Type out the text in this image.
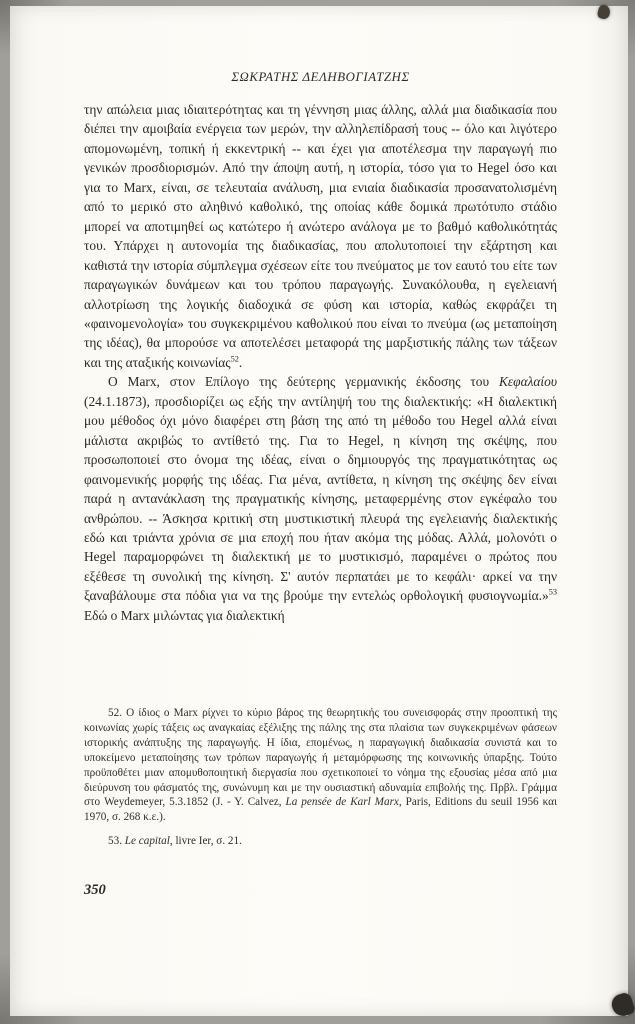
ΣΩΚΡΑΤΗΣ ΔΕΛΗΒΟΓΙΑΤΖΗΣ

την απώλεια μιας ιδιαιτερότητας και τη γέννηση μιας άλλης, αλλά μια διαδικασία που διέπει την αμοιβαία ενέργεια των μερών, την αλληλεπίδρασή τους -- όλο και λιγότερο απομονωμένη, τοπική ή εκκεντρική -- και έχει για αποτέλεσμα την παραγωγή πιο γενικών προσδιορισμών. Από την άποψη αυτή, η ιστορία, τόσο για το Hegel όσο και για το Marx, είναι, σε τελευταία ανάλυση, μια ενιαία διαδικασία προσανατολισμένη από το μερικό στο αληθινό καθολικό, της οποίας κάθε δομικά πρωτότυπο στάδιο μπορεί να αποτιμηθεί ως κατώτερο ή ανώτερο ανάλογα με το βαθμό καθολικότητάς του. Υπάρχει η αυτονομία της διαδικασίας, που απολυτοποιεί την εξάρτηση και καθιστά την ιστορία σύμπλεγμα σχέσεων είτε του πνεύματος με τον εαυτό του είτε των παραγωγικών δυνάμεων και του τρόπου παραγωγής. Συνακόλουθα, η εγελειανή αλλοτρίωση της λογικής διαδοχικά σε φύση και ιστορία, καθώς εκφράζει τη «φαινομενολογία» του συγκεκριμένου καθολικού που είναι το πνεύμα (ως μεταποίηση της ιδέας), θα μπορούσε να αποτελέσει μεταφορά της μαρξιστικής πάλης των τάξεων και της αταξικής κοινωνίας$^{52}$.

Ο Marx, στον Επίλογο της δεύτερης γερμανικής έκδοσης του Κεφαλαίου (24.1.1873), προσδιορίζει ως εξής την αντίληψή του της διαλεκτικής: «Η διαλεκτική μου μέθοδος όχι μόνο διαφέρει στη βάση της από τη μέθοδο του Hegel αλλά είναι μάλιστα ακριβώς το αντίθετό της. Για το Hegel, η κίνηση της σκέψης, που προσωποποιεί στο όνομα της ιδέας, είναι ο δημιουργός της πραγματικότητας ως φαινομενικής μορφής της ιδέας. Για μένα, αντίθετα, η κίνηση της σκέψης δεν είναι παρά η αντανάκλαση της πραγματικής κίνησης, μεταφερμένης στον εγκέφαλο του ανθρώπου. -- Άσκησα κριτική στη μυστικιστική πλευρά της εγελειανής διαλεκτικής εδώ και τριάντα χρόνια σε μια εποχή που ήταν ακόμα της μόδας. Αλλά, μολονότι ο Hegel παραμορφώνει τη διαλεκτική με το μυστικισμό, παραμένει ο πρώτος που εξέθεσε τη συνολική της κίνηση. Σ' αυτόν περπατάει με το κεφάλι· αρκεί να την ξαναβάλουμε στα πόδια για να της βρούμε την εντελώς ορθολογική φυσιογνωμία.»$^{53}$ Εδώ ο Marx μιλώντας για διαλεκτική

52. Ο ίδιος ο Marx ρίχνει το κύριο βάρος της θεωρητικής του συνεισφοράς στην προοπτική της κοινωνίας χωρίς τάξεις ως αναγκαίας εξέλιξης της πάλης της στα πλαίσια των συγκεκριμένων φάσεων ιστορικής ανάπτυξης της παραγωγής. Η ίδια, επομένως, η παραγωγική διαδικασία συνιστά και το υποκείμενο μεταποίησης των τρόπων παραγωγής ή μεταμόρφωσης της κοινωνικής ύπαρξης. Τούτο προϋποθέτει μιαν απομυθοποιητική διεργασία που σχετικοποιεί το νόημα της εξουσίας μέσα από μια διεύρυνση του φάσματός της, συνώνυμη και με την ουσιαστική αδυναμία επιβολής της. Πρβλ. Γράμμα στο Weydemeyer, 5.3.1852 (J. - Y. Calvez, La pensée de Karl Marx, Paris, Editions du seuil 1956 και 1970, σ. 268 κ.ε.).

53. Le capital, livre Ier, σ. 21.

350
